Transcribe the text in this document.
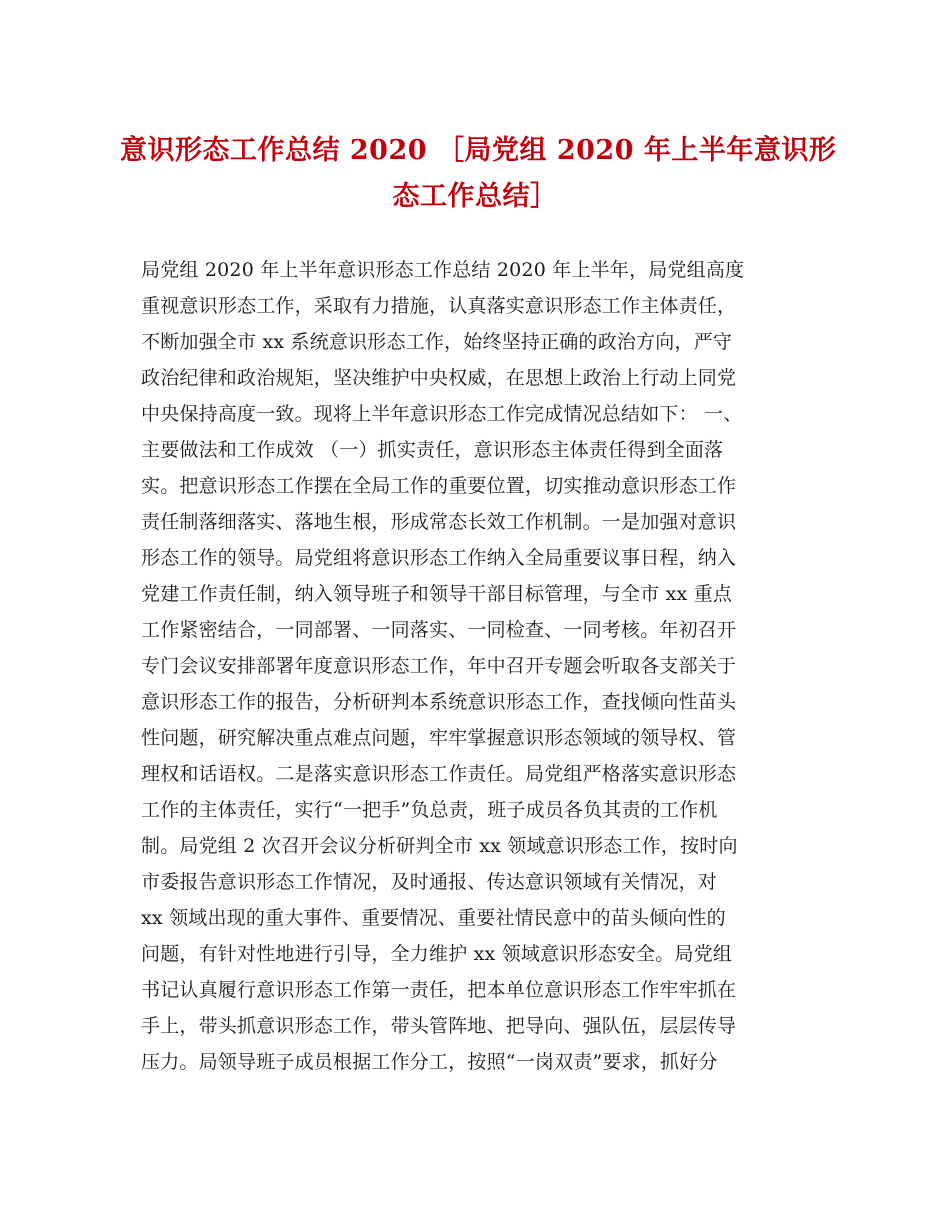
意识形态工作总结 2020 ［局党组 2020 年上半年意识形
态工作总结］
局党组 2020 年上半年意识形态工作总结 2020 年上半年，局党组高度
重视意识形态工作，采取有力措施，认真落实意识形态工作主体责任，
不断加强全市 xx 系统意识形态工作，始终坚持正确的政治方向，严守
政治纪律和政治规矩，坚决维护中央权威，在思想上政治上行动上同党
中央保持高度一致。现将上半年意识形态工作完成情况总结如下： 一、
主要做法和工作成效 （一）抓实责任，意识形态主体责任得到全面落
实。把意识形态工作摆在全局工作的重要位置，切实推动意识形态工作
责任制落细落实、落地生根，形成常态长效工作机制。一是加强对意识
形态工作的领导。局党组将意识形态工作纳入全局重要议事日程，纳入
党建工作责任制，纳入领导班子和领导干部目标管理，与全市 xx 重点
工作紧密结合，一同部署、一同落实、一同检查、一同考核。年初召开
专门会议安排部署年度意识形态工作，年中召开专题会听取各支部关于
意识形态工作的报告，分析研判本系统意识形态工作，查找倾向性苗头
性问题，研究解决重点难点问题，牢牢掌握意识形态领域的领导权、管
理权和话语权。二是落实意识形态工作责任。局党组严格落实意识形态
工作的主体责任，实行“一把手”负总责，班子成员各负其责的工作机
制。局党组 2 次召开会议分析研判全市 xx 领域意识形态工作，按时向
市委报告意识形态工作情况，及时通报、传达意识领域有关情况，对
xx 领域出现的重大事件、重要情况、重要社情民意中的苗头倾向性的
问题，有针对性地进行引导，全力维护 xx 领域意识形态安全。局党组
书记认真履行意识形态工作第一责任，把本单位意识形态工作牢牢抓在
手上，带头抓意识形态工作，带头管阵地、把导向、强队伍，层层传导
压力。局领导班子成员根据工作分工，按照“一岗双责”要求，抓好分
